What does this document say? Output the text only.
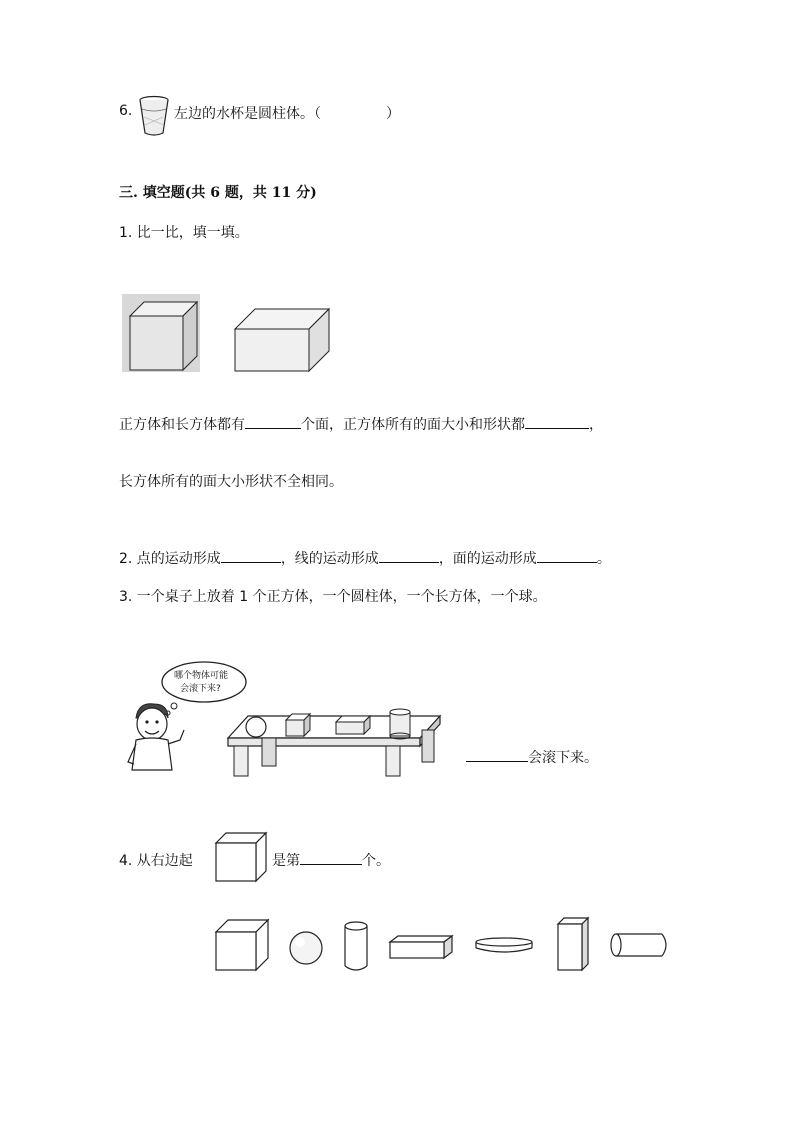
6.	左边的水杯是圆柱体。（	）
三. 填空题(共 6 题，共 11 分)
1. 比一比，填一填。
正方体和长方体都有	个面，正方体所有的面大小和形状都	，
长方体所有的面大小形状不全相同。
2. 点的运动形成	，线的运动形成	，面的运动形成	。
3. 一个桌子上放着 1 个正方体，一个圆柱体，一个长方体，一个球。
哪个物体可能
会滚下来?
会滚下来。
4. 从右边起	是第	个。
